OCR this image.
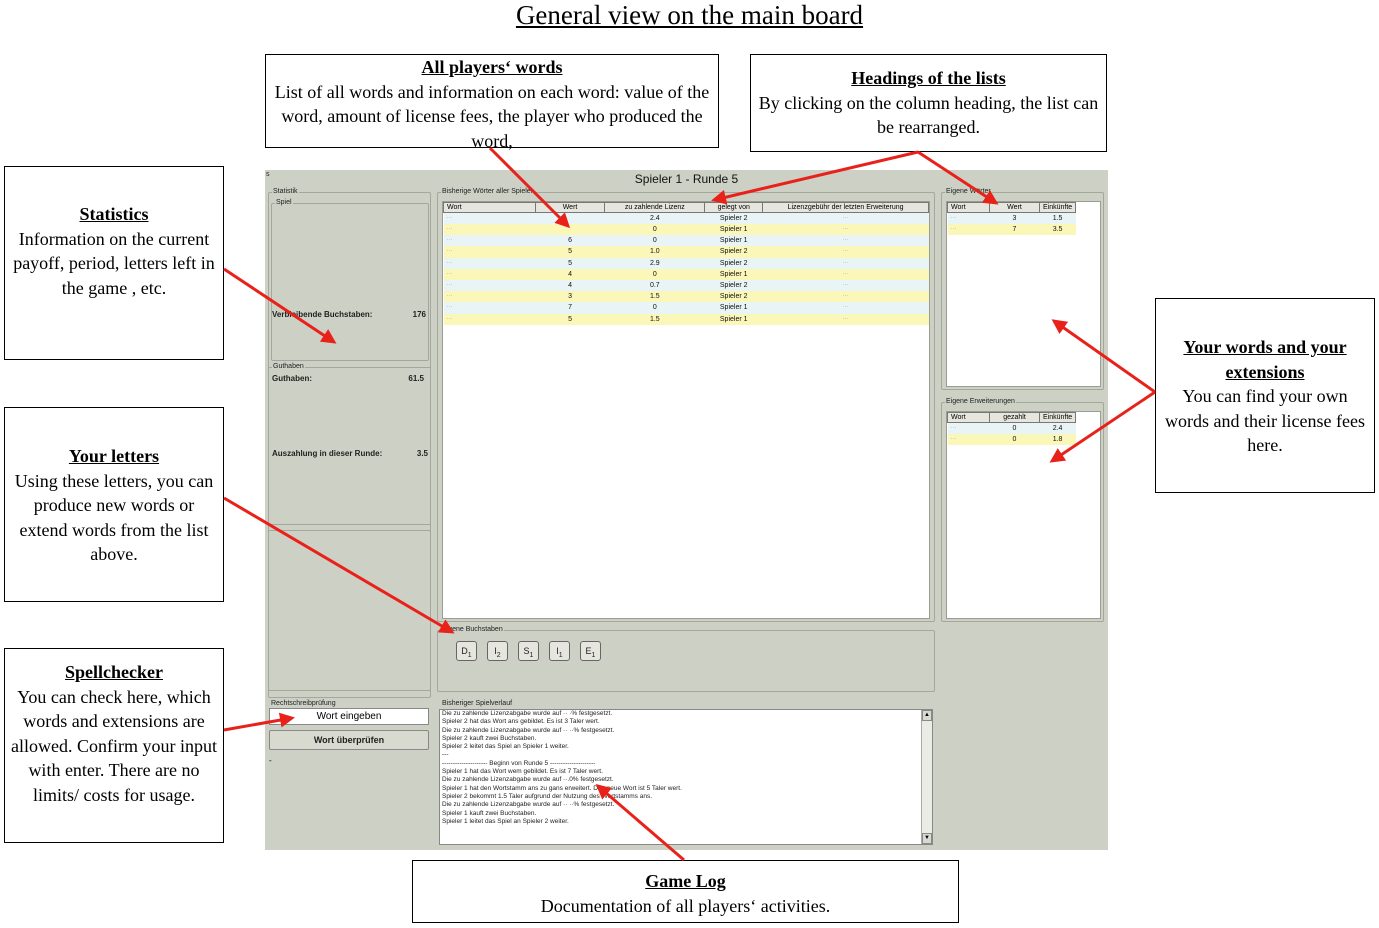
General view on the main board
s	Spieler 1 - Runde 5
Statistik
Spiel
Verbleibende Buchstaben:	176
Guthaben
Guthaben:	61.5
Auszahlung in dieser Runde:	3.5
Bisherige Wörter aller Spieler
Wort	Wert	zu zahlende Lizenz	gelegt von	Lizenzgebühr der letzten Erweiterung
···		2.4	Spieler 2	···
···		0	Spieler 1	···
···	6	0	Spieler 1	···
···	5	1.0	Spieler 2	···
···	5	2.9	Spieler 2	···
···	4	0	Spieler 1	···
···	4	0.7	Spieler 2	···
···	3	1.5	Spieler 2	···
···	7	0	Spieler 1	···
···	5	1.5	Spieler 1	···
Eigene Wörter
Wort	Wert	Einkünfte
···	3	1.5
···	7	3.5
Eigene Erweiterungen
Wort	gezahlt	Einkünfte
···	0	2.4
···	0	1.8
Eigene Buchstaben
$D_1$	$I_2$	$S_1$	$I_1$	$E_1$
Rechtschreibprüfung
Wort eingeben
Wort überprüfen
-
Bisheriger Spielverlauf
Die zu zahlende Lizenzabgabe wurde auf ·· ·% festgesetzt.
Spieler 2 hat das Wort ans gebildet. Es ist 3 Taler wert.
Die zu zahlende Lizenzabgabe wurde auf ·· ··% festgesetzt.
Spieler 2 kauft zwei Buchstaben.
Spieler 2 leitet das Spiel an Spieler 1 weiter.
---
--------------------- Beginn von Runde 5 ---------------------
Spieler 1 hat das Wort wem gebildet. Es ist 7 Taler wert.
Die zu zahlende Lizenzabgabe wurde auf ··.0% festgesetzt.
Spieler 1 hat den Wortstamm ans zu gans erweitert. Das neue Wort ist 5 Taler wert.
Spieler 2 bekommt 1.5 Taler aufgrund der Nutzung des Wortstamms ans.
Die zu zahlende Lizenzabgabe wurde auf ·· ··% festgesetzt.
Spieler 1 kauft zwei Buchstaben.
Spieler 1 leitet das Spiel an Spieler 2 weiter.
▲
▼
All players‘ words
List of all words and information on each word: value of the word, amount of license fees, the player who produced the word,
Headings of the lists
By clicking on the column heading, the list can be rearranged.
Statistics
Information on the current payoff, period, letters left in the game , etc.
Your letters
Using these letters, you can produce new words or extend words from the list above.
Spellchecker
You can check here, which words and extensions are allowed. Confirm your input with enter. There are no limits/ costs for usage.
Your words and your extensions
You can find your own words and their license fees here.
Game Log
Documentation of all players‘ activities.
